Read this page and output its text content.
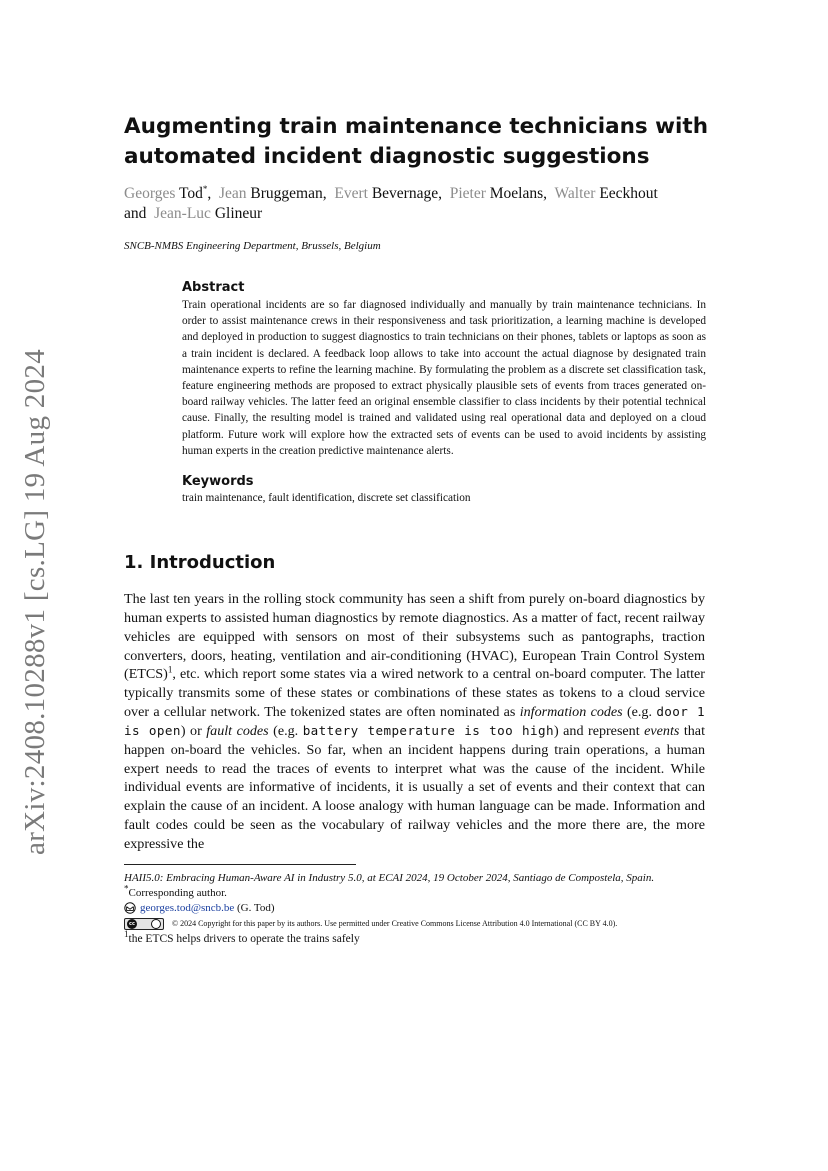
arXiv:2408.10288v1 [cs.LG] 19 Aug 2024
Augmenting train maintenance technicians with automated incident diagnostic suggestions
Georges Tod*,  Jean Bruggeman,  Evert Bevernage,  Pieter Moelans,  Walter Eeckhout
and Jean-Luc Glineur
SNCB-NMBS Engineering Department, Brussels, Belgium
Abstract

Train operational incidents are so far diagnosed individually and manually by train maintenance technicians. In order to assist maintenance crews in their responsiveness and task prioritization, a learning machine is developed and deployed in production to suggest diagnostics to train technicians on their phones, tablets or laptops as soon as a train incident is declared. A feedback loop allows to take into account the actual diagnose by designated train maintenance experts to refine the learning machine. By formulating the problem as a discrete set classification task, feature engineering methods are proposed to extract physically plausible sets of events from traces generated on-board railway vehicles. The latter feed an original ensemble classifier to class incidents by their potential technical cause. Finally, the resulting model is trained and validated using real operational data and deployed on a cloud platform. Future work will explore how the extracted sets of events can be used to avoid incidents by assisting human experts in the creation predictive maintenance alerts.

Keywords

train maintenance, fault identification, discrete set classification

1. Introduction

The last ten years in the rolling stock community has seen a shift from purely on-board diagnostics by human experts to assisted human diagnostics by remote diagnostics. As a matter of fact, recent railway vehicles are equipped with sensors on most of their subsystems such as pantographs, traction converters, doors, heating, ventilation and air-conditioning (HVAC), European Train Control System (ETCS)$^1$, etc. which report some states via a wired network to a central on-board computer. The latter typically transmits some of these states or combinations of these states as tokens to a cloud service over a cellular network. The tokenized states are often nominated as information codes (e.g. door 1 is open) or fault codes (e.g. battery temperature is too high) and represent events that happen on-board the vehicles. So far, when an incident happens during train operations, a human expert needs to read the traces of events to interpret what was the cause of the incident. While individual events are informative of incidents, it is usually a set of events and their context that can explain the cause of an incident. A loose analogy with human language can be made. Information and fault codes could be seen as the vocabulary of railway vehicles and the more there are, the more expressive the

HAII5.0: Embracing Human-Aware AI in Industry 5.0, at ECAI 2024, 19 October 2024, Santiago de Compostela, Spain.
*Corresponding author.
georges.tod@sncb.be
(G. Tod)
cc	© 2024 Copyright for this paper by its authors. Use permitted under Creative Commons License Attribution 4.0 International (CC BY 4.0).
$^1$the ETCS helps drivers to operate the trains safely
